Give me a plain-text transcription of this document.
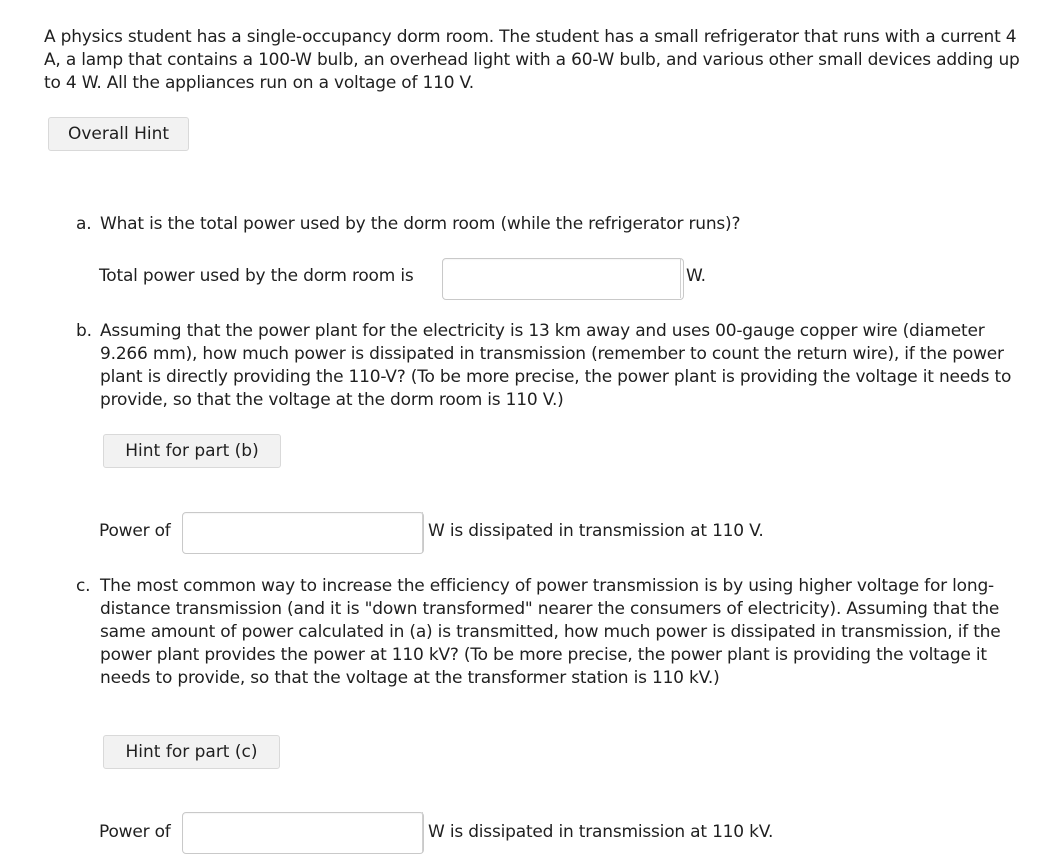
A physics student has a single-occupancy dorm room. The student has a small refrigerator that runs with a current 4 A, a lamp that contains a 100-W bulb, an overhead light with a 60-W bulb, and various other small devices adding up to 4 W. All the appliances run on a voltage of 110 V.
Overall Hint
a. What is the total power used by the dorm room (while the refrigerator runs)?
Total power used by the dorm room is	W.
b. Assuming that the power plant for the electricity is 13 km away and uses 00-gauge copper wire (diameter 9.266 mm), how much power is dissipated in transmission (remember to count the return wire), if the power plant is directly providing the 110-V? (To be more precise, the power plant is providing the voltage it needs to provide, so that the voltage at the dorm room is 110 V.)
Hint for part (b)
Power of	W is dissipated in transmission at 110 V.
c. The most common way to increase the efficiency of power transmission is by using higher voltage for long-distance transmission (and it is "down transformed" nearer the consumers of electricity). Assuming that the same amount of power calculated in (a) is transmitted, how much power is dissipated in transmission, if the power plant provides the power at 110 kV? (To be more precise, the power plant is providing the voltage it needs to provide, so that the voltage at the transformer station is 110 kV.)
Hint for part (c)
Power of	W is dissipated in transmission at 110 kV.
